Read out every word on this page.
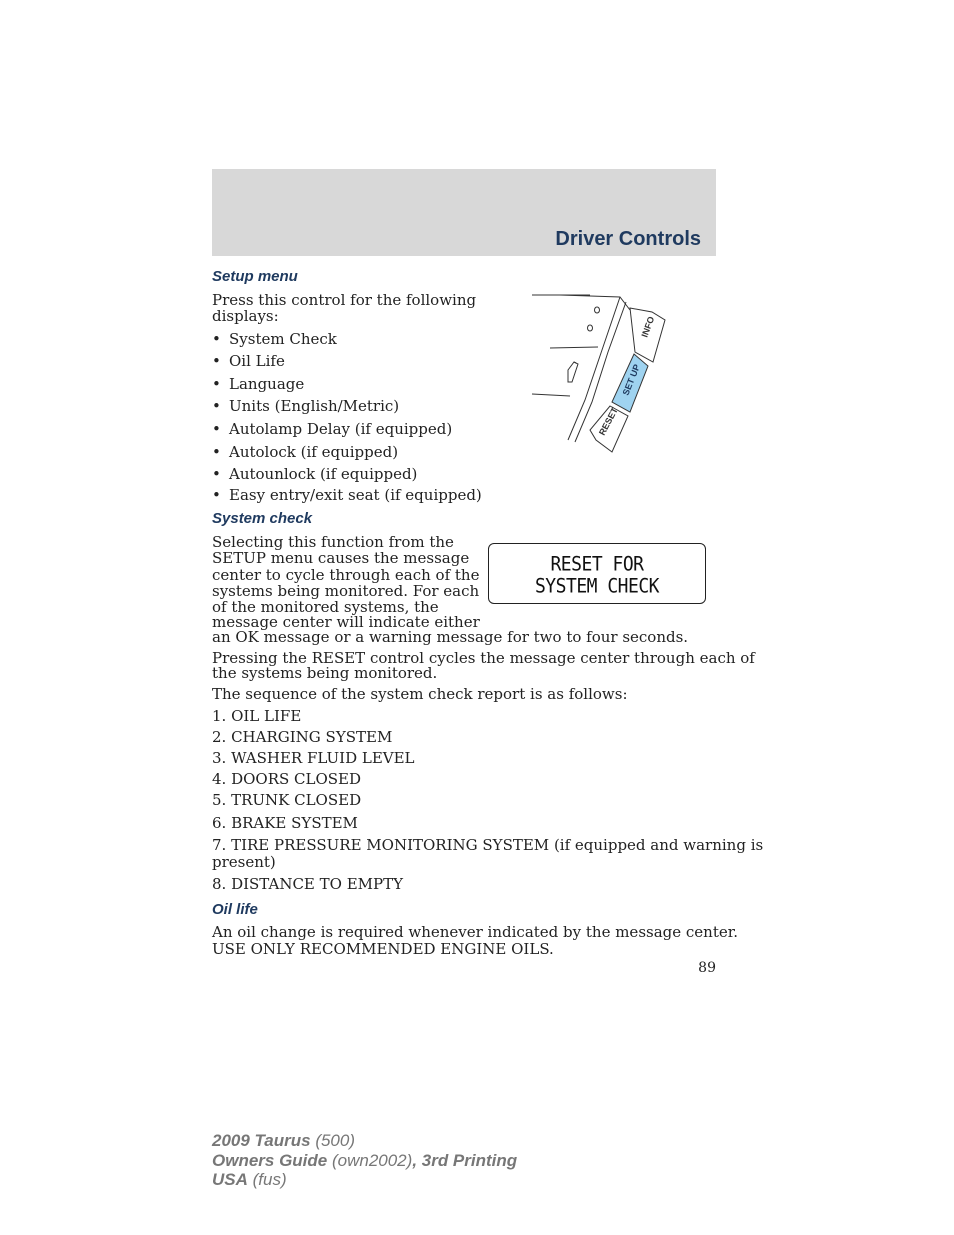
Driver Controls
Setup menu
Press this control for the following
displays:
• System Check
• Oil Life
• Language
• Units (English/Metric)
• Autolamp Delay (if equipped)
• Autolock (if equipped)
• Autounlock (if equipped)
• Easy entry/exit seat (if equipped)
INFO
SET UP
RESET
System check
Selecting this function from the
SETUP menu causes the message
center to cycle through each of the
systems being monitored. For each
of the monitored systems, the
message center will indicate either
an OK message or a warning message for two to four seconds.
RESET FOR
SYSTEM CHECK
Pressing the RESET control cycles the message center through each of
the systems being monitored.
The sequence of the system check report is as follows:
1. OIL LIFE
2. CHARGING SYSTEM
3. WASHER FLUID LEVEL
4. DOORS CLOSED
5. TRUNK CLOSED
6. BRAKE SYSTEM
7. TIRE PRESSURE MONITORING SYSTEM (if equipped and warning is
present)
8. DISTANCE TO EMPTY
Oil life
An oil change is required whenever indicated by the message center.
USE ONLY RECOMMENDED ENGINE OILS.
89
2009 Taurus (500)
Owners Guide (own2002), 3rd Printing
USA (fus)
